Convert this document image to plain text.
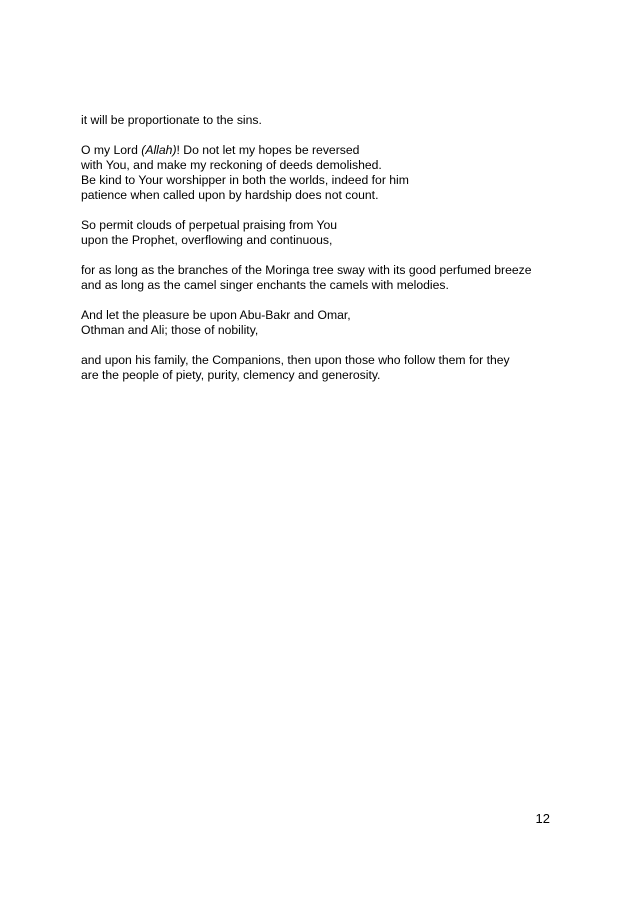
it will be proportionate to the sins.

O my Lord (Allah)! Do not let my hopes be reversed
with You, and make my reckoning of deeds demolished.
Be kind to Your worshipper in both the worlds, indeed for him
patience when called upon by hardship does not count.

So permit clouds of perpetual praising from You
upon the Prophet, overflowing and continuous,

for as long as the branches of the Moringa tree sway with its good perfumed breeze
and as long as the camel singer enchants the camels with melodies.

And let the pleasure be upon Abu-Bakr and Omar,
Othman and Ali; those of nobility,

and upon his family, the Companions, then upon those who follow them for they
are the people of piety, purity, clemency and generosity.

12
